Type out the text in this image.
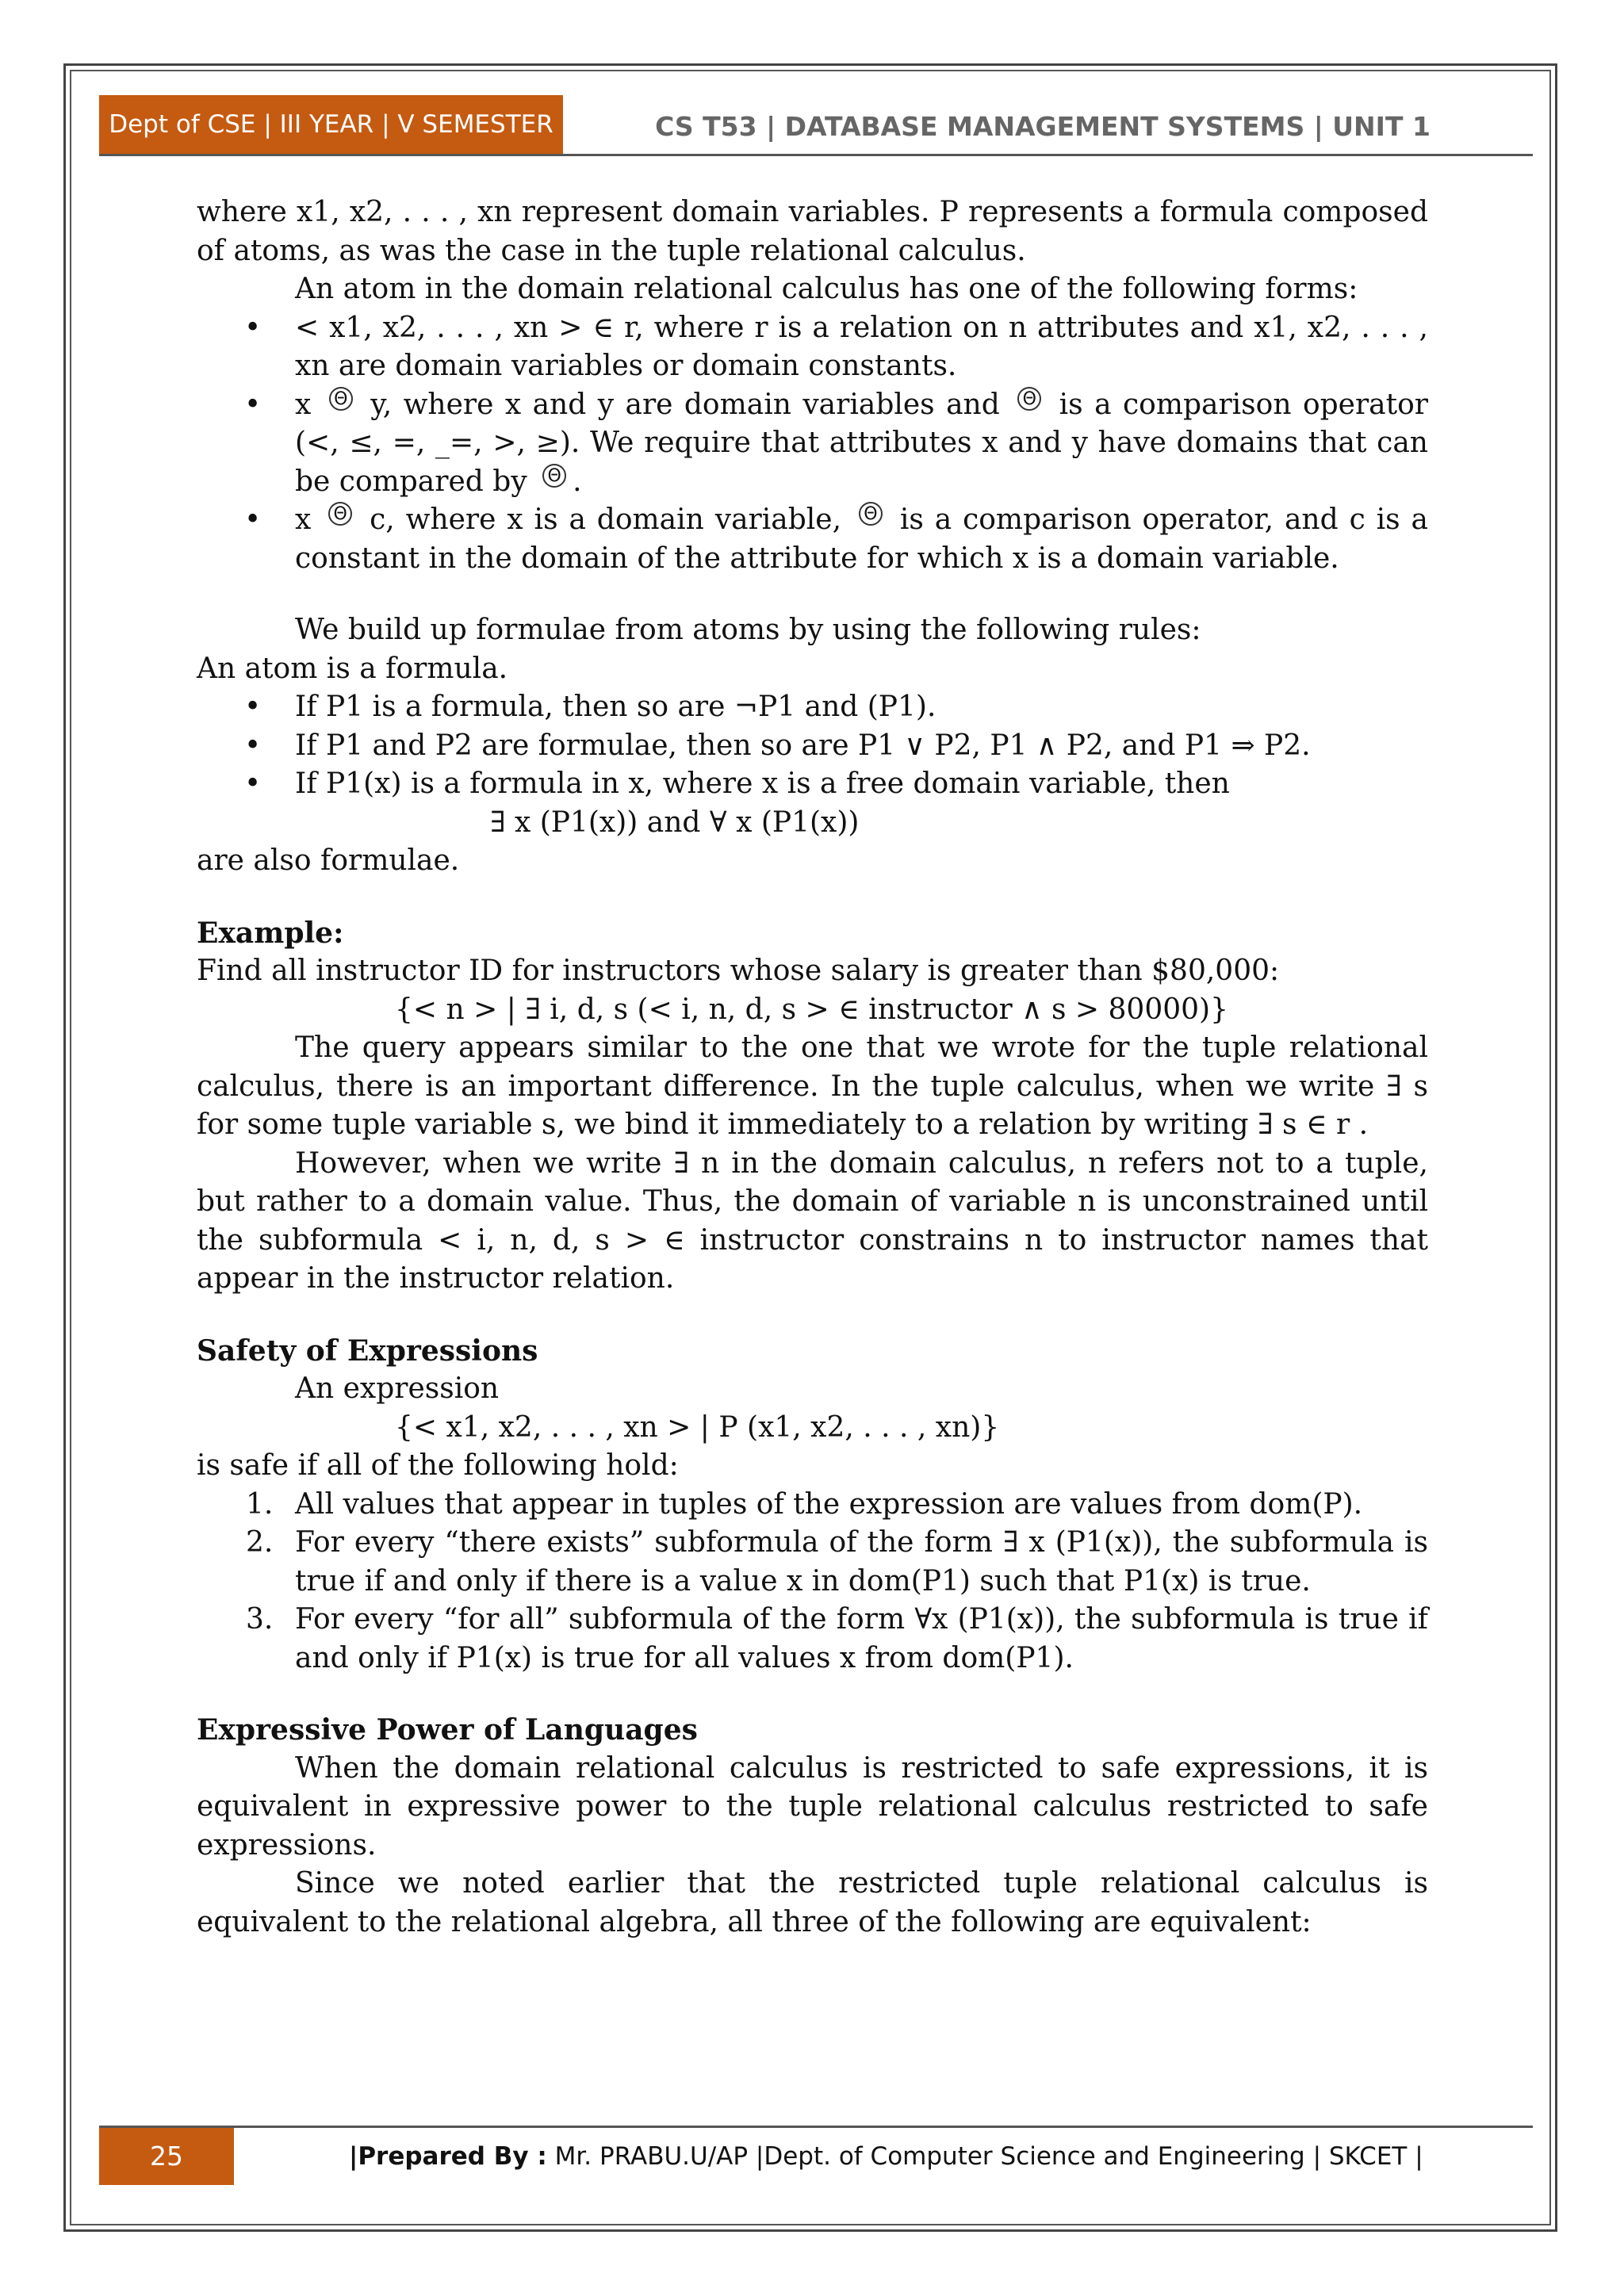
Dept of CSE | III YEAR | V SEMESTER	CS T53 | DATABASE MANAGEMENT SYSTEMS | UNIT 1

where x1, x2, . . . , xn represent domain variables. P represents a formula composed of atoms, as was the case in the tuple relational calculus.

An atom in the domain relational calculus has one of the following forms:

• < x1, x2, . . . , xn > ∈ r, where r is a relation on n attributes and x1, x2, . . . , xn are domain variables or domain constants.
• x Θ y, where x and y are domain variables and Θ is a comparison operator (<, ≤, =, _=, >, ≥). We require that attributes x and y have domains that can be compared by Θ .
• x Θ c, where x is a domain variable, Θ is a comparison operator, and c is a constant in the domain of the attribute for which x is a domain variable.

We build up formulae from atoms by using the following rules:

An atom is a formula.

• If P1 is a formula, then so are ¬P1 and (P1).
• If P1 and P2 are formulae, then so are P1 ∨ P2, P1 ∧ P2, and P1 ⇒ P2.
• If P1(x) is a formula in x, where x is a free domain variable, then

∃ x (P1(x)) and ∀ x (P1(x))

are also formulae.

Example:

Find all instructor ID for instructors whose salary is greater than $80,000:

{< n > | ∃ i, d, s (< i, n, d, s > ∈ instructor ∧ s > 80000)}

The query appears similar to the one that we wrote for the tuple relational calculus, there is an important difference. In the tuple calculus, when we write ∃ s for some tuple variable s, we bind it immediately to a relation by writing ∃ s ∈ r .

However, when we write ∃ n in the domain calculus, n refers not to a tuple, but rather to a domain value. Thus, the domain of variable n is unconstrained until the subformula < i, n, d, s > ∈ instructor constrains n to instructor names that appear in the instructor relation.

Safety of Expressions

An expression

{< x1, x2, . . . , xn > | P (x1, x2, . . . , xn)}

is safe if all of the following hold:

1. All values that appear in tuples of the expression are values from dom(P).
2. For every “there exists” subformula of the form ∃ x (P1(x)), the subformula is true if and only if there is a value x in dom(P1) such that P1(x) is true.
3. For every “for all” subformula of the form ∀x (P1(x)), the subformula is true if and only if P1(x) is true for all values x from dom(P1).

Expressive Power of Languages

When the domain relational calculus is restricted to safe expressions, it is equivalent in expressive power to the tuple relational calculus restricted to safe expressions.

Since we noted earlier that the restricted tuple relational calculus is equivalent to the relational algebra, all three of the following are equivalent:

25	|Prepared By : Mr. PRABU.U/AP |Dept. of Computer Science and Engineering | SKCET |
